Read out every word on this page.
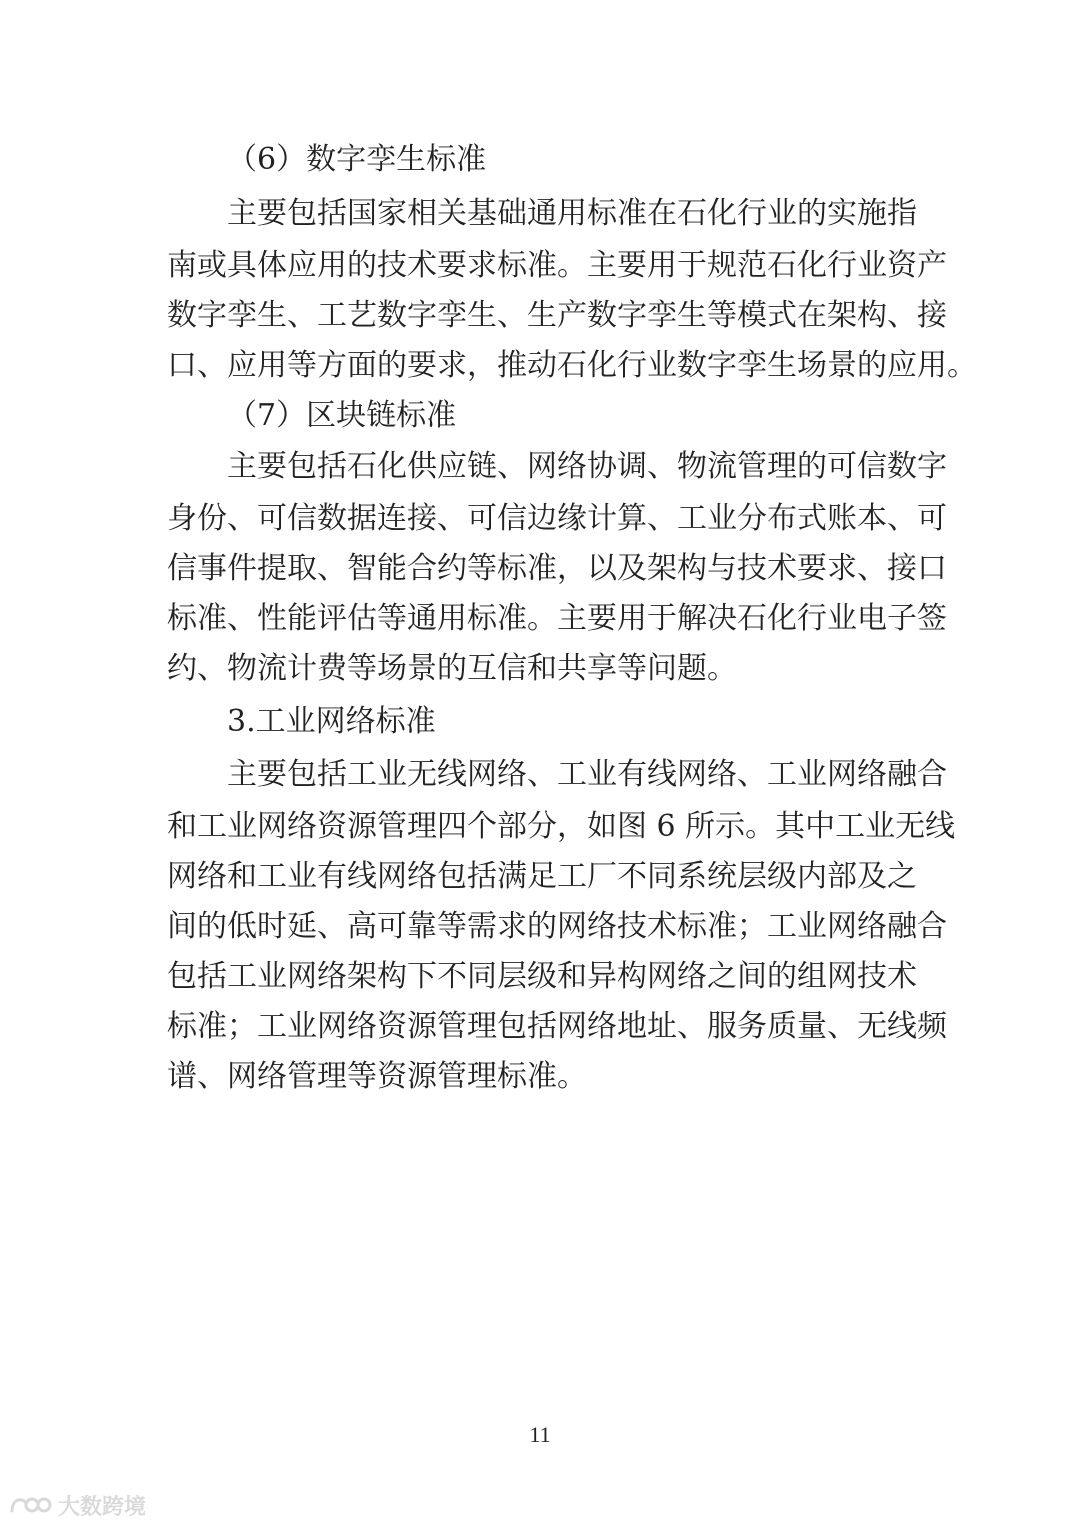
（6）数字孪生标准
主要包括国家相关基础通用标准在石化行业的实施指
南或具体应用的技术要求标准。主要用于规范石化行业资产
数字孪生、工艺数字孪生、生产数字孪生等模式在架构、接
口、应用等方面的要求，推动石化行业数字孪生场景的应用。
（7）区块链标准
主要包括石化供应链、网络协调、物流管理的可信数字
身份、可信数据连接、可信边缘计算、工业分布式账本、可
信事件提取、智能合约等标准，以及架构与技术要求、接口
标准、性能评估等通用标准。主要用于解决石化行业电子签
约、物流计费等场景的互信和共享等问题。
3.工业网络标准
主要包括工业无线网络、工业有线网络、工业网络融合
和工业网络资源管理四个部分，如图 6 所示。其中工业无线
网络和工业有线网络包括满足工厂不同系统层级内部及之
间的低时延、高可靠等需求的网络技术标准；工业网络融合
包括工业网络架构下不同层级和异构网络之间的组网技术
标准；工业网络资源管理包括网络地址、服务质量、无线频
谱、网络管理等资源管理标准。
11
大数跨境
